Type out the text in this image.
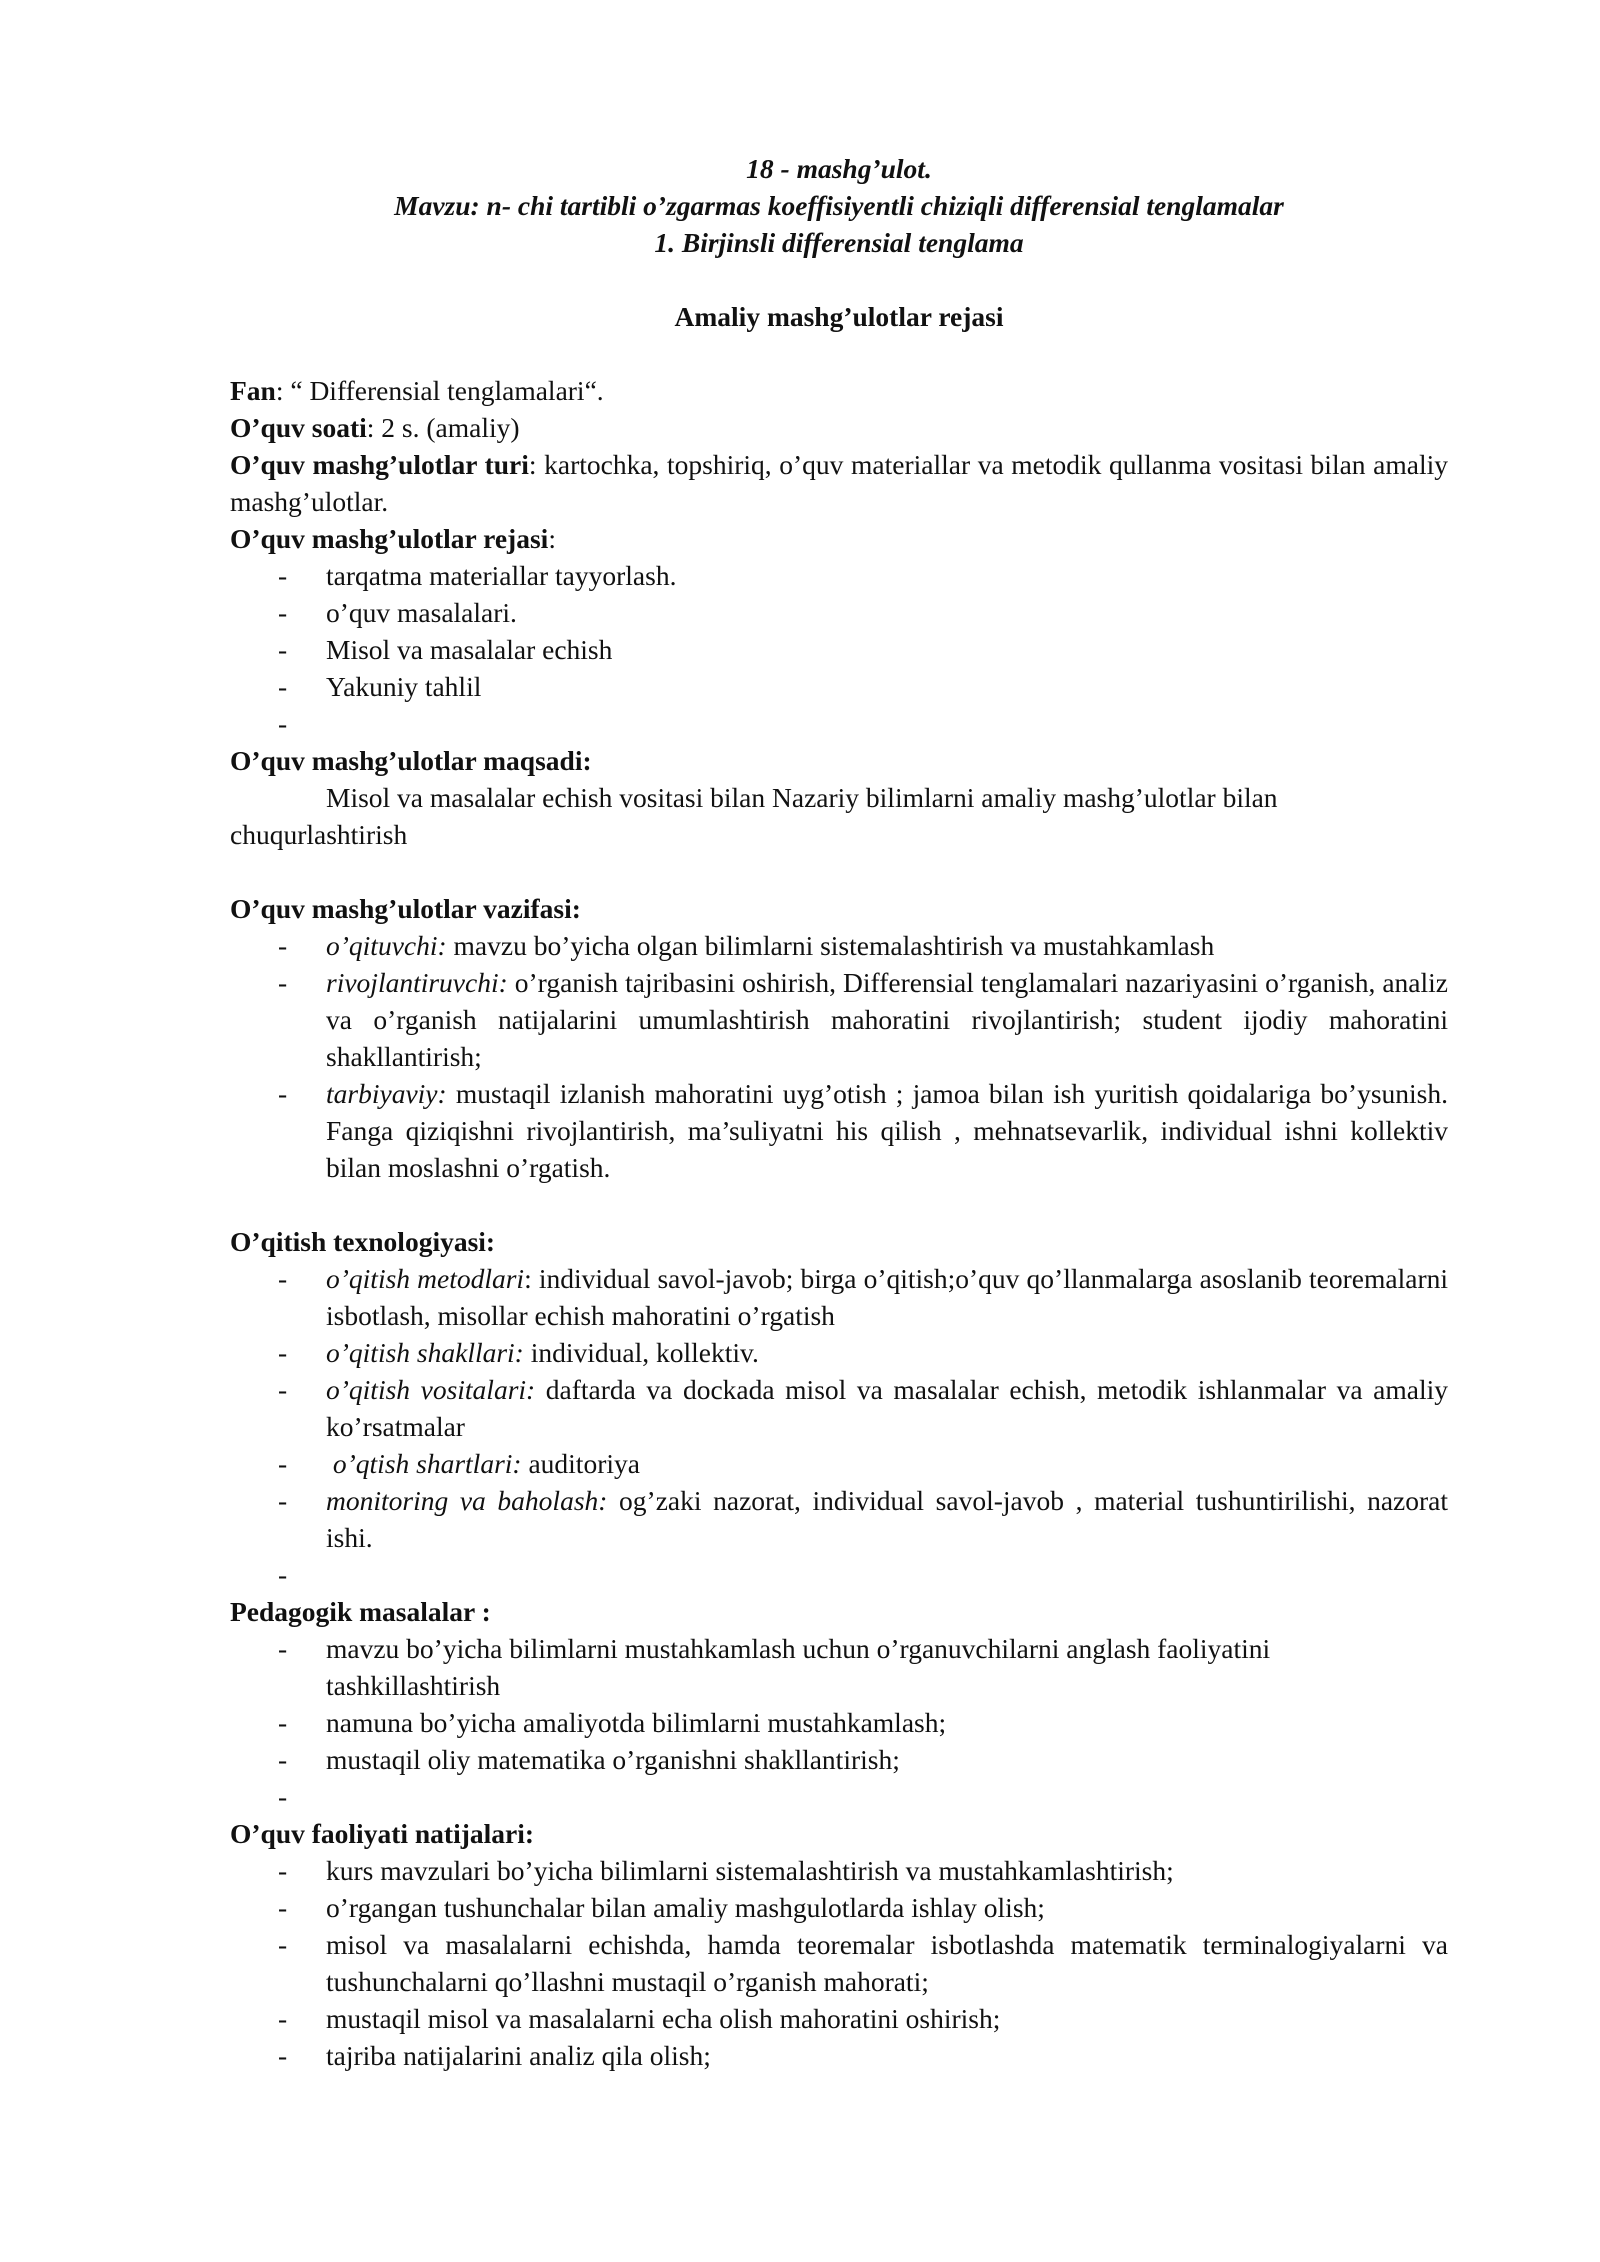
18 - mashg’ulot.
Mavzu: n- chi tartibli o’zgarmas koeffisiyentli chiziqli differensial tenglamalar
1. Birjinsli differensial tenglama
Amaliy mashg’ulotlar rejasi
Fan: “ Differensial tenglamalari“.
O’quv soati: 2 s. (amaliy)
O’quv mashg’ulotlar turi: kartochka, topshiriq, o’quv materiallar va metodik qullanma vositasi bilan amaliy mashg’ulotlar.
O’quv mashg’ulotlar rejasi:
- tarqatma materiallar tayyorlash.
- o’quv masalalari.
- Misol va masalalar echish
- Yakuniy tahlil
-

O’quv mashg’ulotlar maqsadi:
Misol va masalalar echish vositasi bilan Nazariy bilimlarni amaliy mashg’ulotlar bilan chuqurlashtirish
O’quv mashg’ulotlar vazifasi:
- o’qituvchi: mavzu bo’yicha olgan bilimlarni sistemalashtirish va mustahkamlash
- rivojlantiruvchi: o’rganish tajribasini oshirish, Differensial tenglamalari nazariyasini o’rganish, analiz va o’rganish natijalarini umumlashtirish mahoratini rivojlantirish; student ijodiy mahoratini shakllantirish;
- tarbiyaviy: mustaqil izlanish mahoratini uyg’otish ; jamoa bilan ish yuritish qoidalariga bo’ysunish. Fanga qiziqishni rivojlantirish, ma’suliyatni his qilish , mehnatsevarlik, individual ishni kollektiv bilan moslashni o’rgatish.
O’qitish texnologiyasi:
- o’qitish metodlari: individual savol-javob; birga o’qitish;o’quv qo’llanmalarga asoslanib teoremalarni isbotlash, misollar echish mahoratini o’rgatish
- o’qitish shakllari: individual, kollektiv.
- o’qitish vositalari: daftarda va dockada misol va masalalar echish, metodik ishlanmalar va amaliy ko’rsatmalar
- o’qtish shartlari: auditoriya
- monitoring va baholash: og’zaki nazorat, individual savol-javob , material tushuntirilishi, nazorat ishi.
-

Pedagogik masalalar :
- mavzu bo’yicha bilimlarni mustahkamlash uchun o’rganuvchilarni anglash faoliyatini tashkillashtirish
- namuna bo’yicha amaliyotda bilimlarni mustahkamlash;
- mustaqil oliy matematika o’rganishni shakllantirish;
-

O’quv faoliyati natijalari:
- kurs mavzulari bo’yicha bilimlarni sistemalashtirish va mustahkamlashtirish;
- o’rgangan tushunchalar bilan amaliy mashgulotlarda ishlay olish;
- misol va masalalarni echishda, hamda teoremalar isbotlashda matematik terminalogiyalarni va tushunchalarni qo’llashni mustaqil o’rganish mahorati;
- mustaqil misol va masalalarni echa olish mahoratini oshirish;
- tajriba natijalarini analiz qila olish;
